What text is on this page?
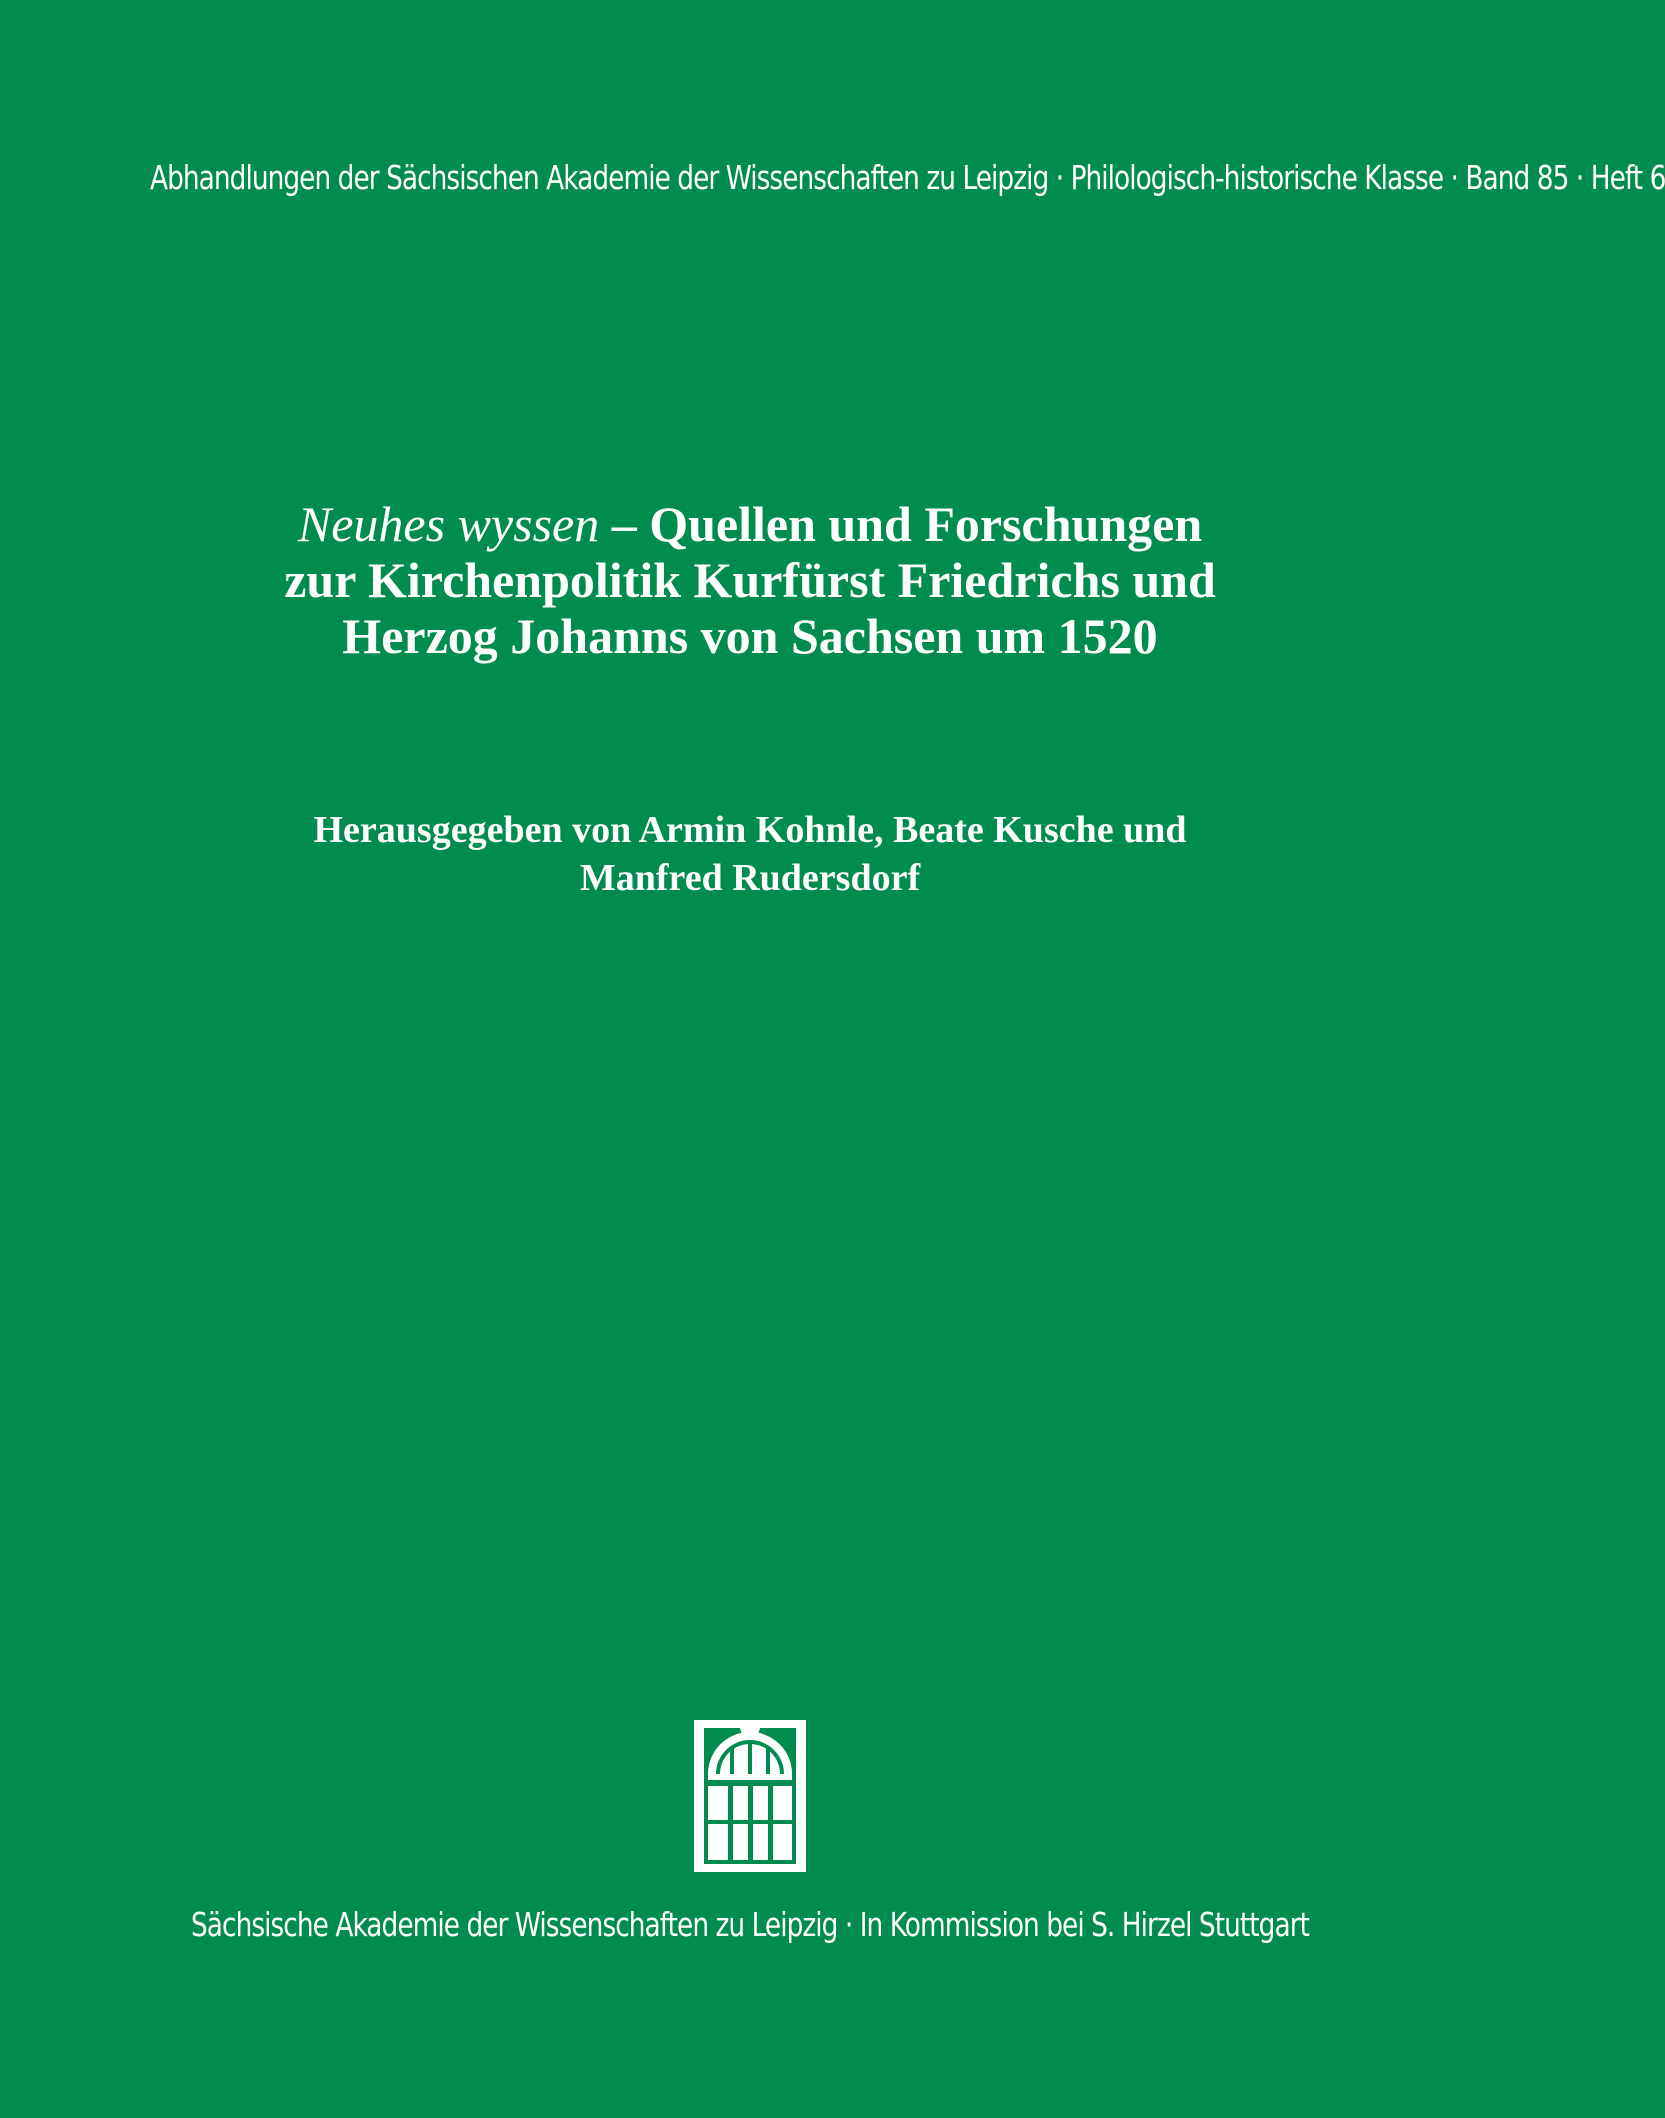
Abhandlungen der Sächsischen Akademie der Wissenschaften zu Leipzig · Philologisch-historische Klasse · Band 85 · Heft 6
Neuhes wyssen – Quellen und Forschungen
zur Kirchenpolitik Kurfürst Friedrichs und
Herzog Johanns von Sachsen um 1520
Herausgegeben von Armin Kohnle, Beate Kusche und
Manfred Rudersdorf
Sächsische Akademie der Wissenschaften zu Leipzig · In Kommission bei S. Hirzel Stuttgart
